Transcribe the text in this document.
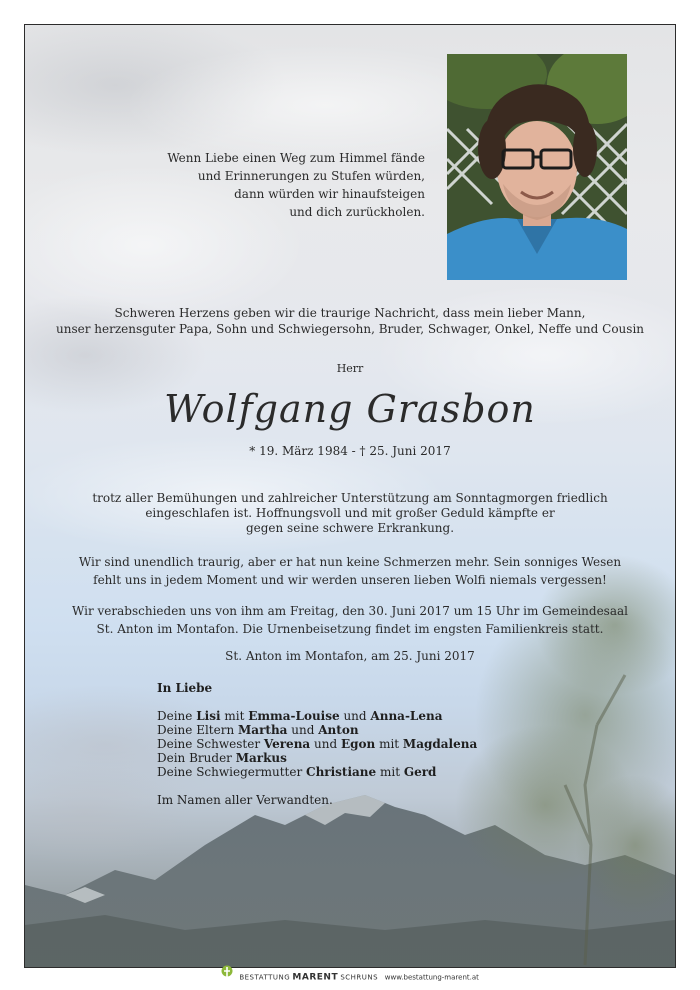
Wenn Liebe einen Weg zum Himmel fände
und Erinnerungen zu Stufen würden,
dann würden wir hinaufsteigen
und dich zurückholen.
Schweren Herzens geben wir die traurige Nachricht, dass mein lieber Mann,
unser herzensguter Papa, Sohn und Schwiegersohn, Bruder, Schwager, Onkel, Neffe und Cousin
Herr
Wolfgang Grasbon
* 19. März 1984 - † 25. Juni 2017
trotz aller Bemühungen und zahlreicher Unterstützung am Sonntagmorgen friedlich
eingeschlafen ist. Hoffnungsvoll und mit großer Geduld kämpfte er
gegen seine schwere Erkrankung.
Wir sind unendlich traurig, aber er hat nun keine Schmerzen mehr. Sein sonniges Wesen
fehlt uns in jedem Moment und wir werden unseren lieben Wolfi niemals vergessen!
Wir verabschieden uns von ihm am Freitag, den 30. Juni 2017 um 15 Uhr im Gemeindesaal
St. Anton im Montafon. Die Urnenbeisetzung findet im engsten Familienkreis statt.
St. Anton im Montafon, am 25. Juni 2017
In Liebe
Deine Lisi mit Emma-Louise und Anna-Lena
Deine Eltern Martha und Anton
Deine Schwester Verena und Egon mit Magdalena
Dein Bruder Markus
Deine Schwiegermutter Christiane mit Gerd
Im Namen aller Verwandten.
BESTATTUNG MARENT SCHRUNS www.bestattung-marent.at
